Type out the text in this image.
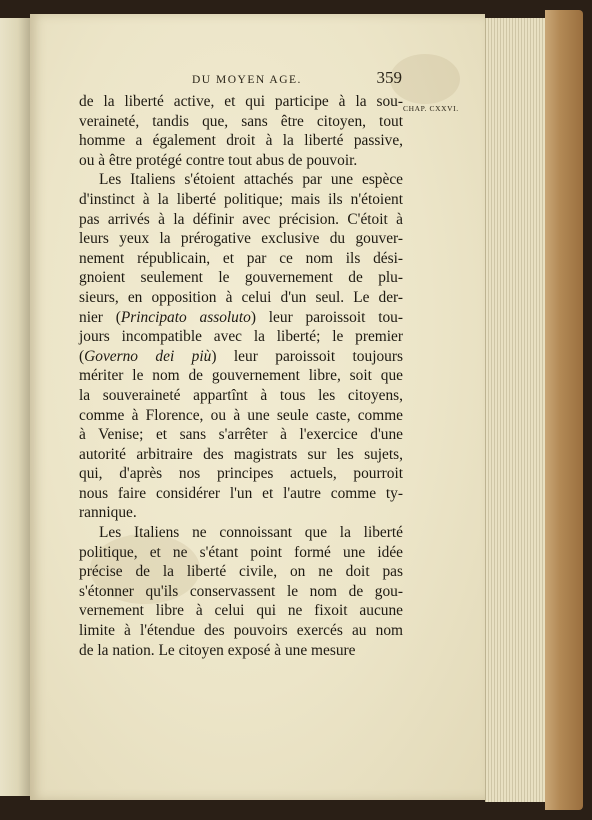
DU MOYEN AGE.	359
CHAP. CXXVI.
de la liberté active, et qui participe à la sou-
veraineté, tandis que, sans être citoyen, tout
homme a également droit à la liberté passive,
ou à être protégé contre tout abus de pouvoir.
Les Italiens s'étoient attachés par une espèce
d'instinct à la liberté politique; mais ils n'étoient
pas arrivés à la définir avec précision. C'étoit à
leurs yeux la prérogative exclusive du gouver-
nement républicain, et par ce nom ils dési-
gnoient seulement le gouvernement de plu-
sieurs, en opposition à celui d'un seul. Le der-
nier (Principato assoluto) leur paroissoit tou-
jours incompatible avec la liberté; le premier
(Governo dei più) leur paroissoit toujours
mériter le nom de gouvernement libre, soit que
la souveraineté appartînt à tous les citoyens,
comme à Florence, ou à une seule caste, comme
à Venise; et sans s'arrêter à l'exercice d'une
autorité arbitraire des magistrats sur les sujets,
qui, d'après nos principes actuels, pourroit
nous faire considérer l'un et l'autre comme ty-
rannique.
Les Italiens ne connoissant que la liberté
politique, et ne s'étant point formé une idée
précise de la liberté civile, on ne doit pas
s'étonner qu'ils conservassent le nom de gou-
vernement libre à celui qui ne fixoit aucune
limite à l'étendue des pouvoirs exercés au nom
de la nation. Le citoyen exposé à une mesure
